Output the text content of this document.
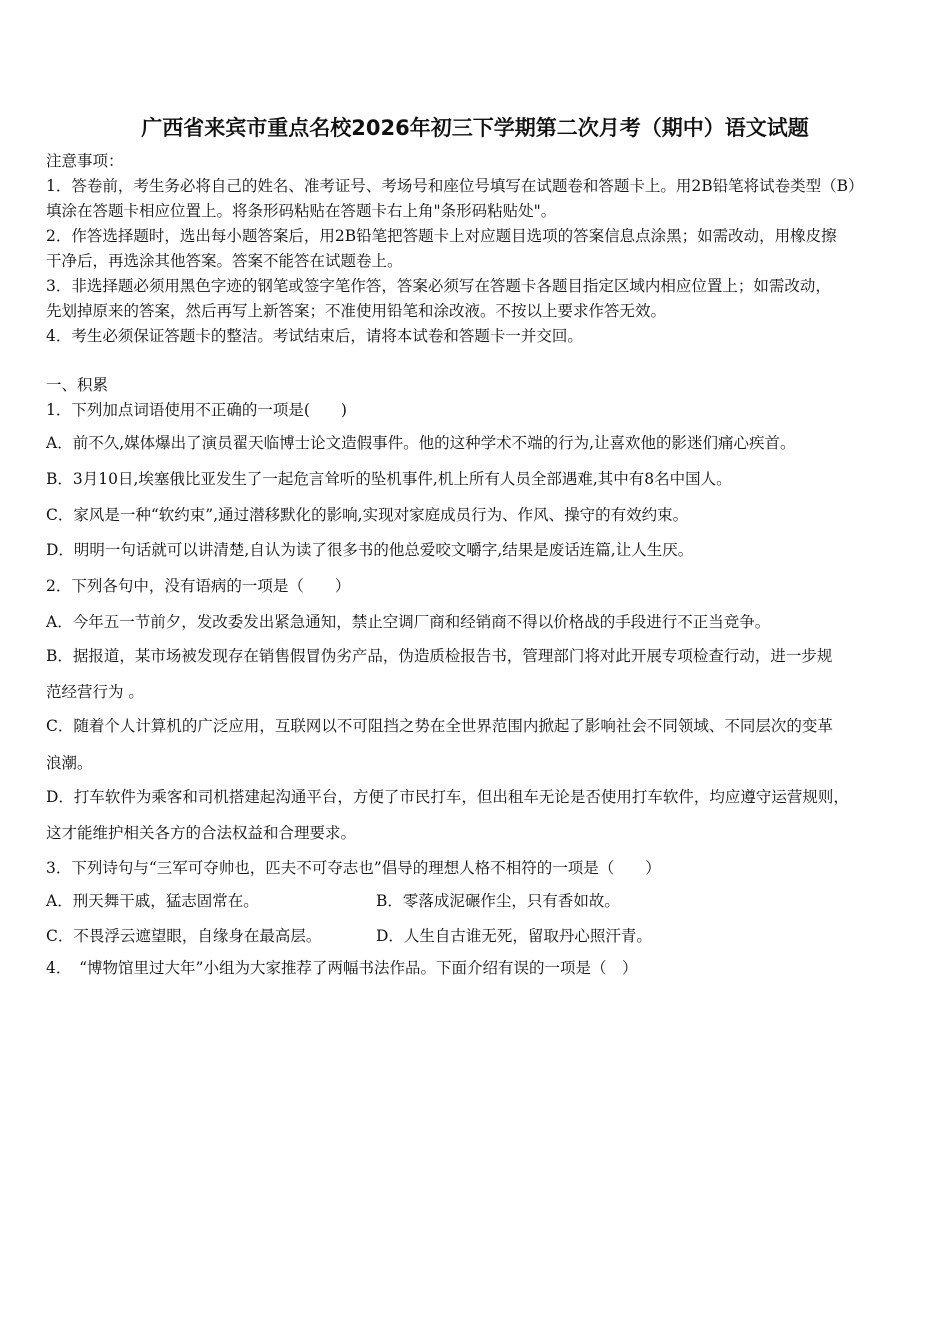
广西省来宾市重点名校2026年初三下学期第二次月考（期中）语文试题
注意事项：
1．答卷前，考生务必将自己的姓名、准考证号、考场号和座位号填写在试题卷和答题卡上。用2B铅笔将试卷类型（B）
填涂在答题卡相应位置上。将条形码粘贴在答题卡右上角"条形码粘贴处"。
2．作答选择题时，选出每小题答案后，用2B铅笔把答题卡上对应题目选项的答案信息点涂黑；如需改动，用橡皮擦
干净后，再选涂其他答案。答案不能答在试题卷上。
3．非选择题必须用黑色字迹的钢笔或签字笔作答，答案必须写在答题卡各题目指定区域内相应位置上；如需改动，
先划掉原来的答案，然后再写上新答案；不准使用铅笔和涂改液。不按以上要求作答无效。
4．考生必须保证答题卡的整洁。考试结束后，请将本试卷和答题卡一并交回。
一、积累
1．下列加点词语使用不正确的一项是(　　)
A．前不久,媒体爆出了演员翟天临博士论文造假事件。他的这种学术不端的行为,让喜欢他的影迷们痛心疾首。
B．3月10日,埃塞俄比亚发生了一起危言耸听的坠机事件,机上所有人员全部遇难,其中有8名中国人。
C．家风是一种“软约束”,通过潜移默化的影响,实现对家庭成员行为、作风、操守的有效约束。
D．明明一句话就可以讲清楚,自认为读了很多书的他总爱咬文嚼字,结果是废话连篇,让人生厌。
2．下列各句中，没有语病的一项是（　　）
A．今年五一节前夕，发改委发出紧急通知，禁止空调厂商和经销商不得以价格战的手段进行不正当竞争。
B．据报道，某市场被发现存在销售假冒伪劣产品，伪造质检报告书，管理部门将对此开展专项检查行动，进一步规
范经营行为 。
C．随着个人计算机的广泛应用，互联网以不可阻挡之势在全世界范围内掀起了影响社会不同领域、不同层次的变革
浪潮。
D．打车软件为乘客和司机搭建起沟通平台，方便了市民打车，但出租车无论是否使用打车软件，均应遵守运营规则，
这才能维护相关各方的合法权益和合理要求。
3．下列诗句与“三军可夺帅也，匹夫不可夺志也”倡导的理想人格不相符的一项是（　　）
A．刑天舞干戚，猛志固常在。	B．零落成泥碾作尘，只有香如故。
C．不畏浮云遮望眼，自缘身在最高层。	D．人生自古谁无死，留取丹心照汗青。
4．　“博物馆里过大年”小组为大家推荐了两幅书法作品。下面介绍有误的一项是（　）
